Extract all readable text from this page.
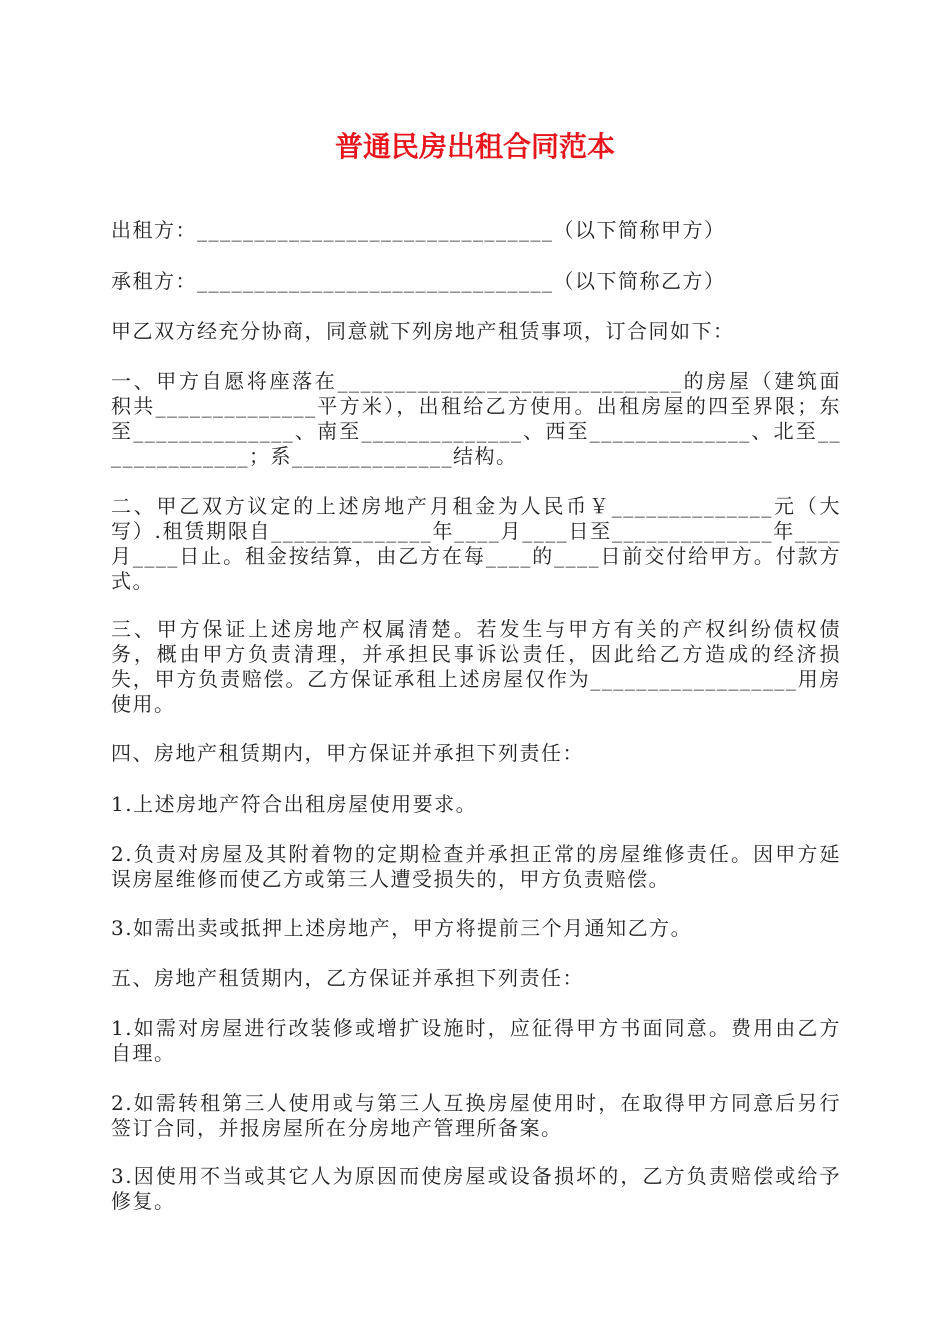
普通民房出租合同范本

出租方：_______________________________（以下简称甲方）

承租方：_______________________________（以下简称乙方）

甲乙双方经充分协商，同意就下列房地产租赁事项，订合同如下：

一、甲方自愿将座落在______________________________的房屋（建筑面积共______________平方米），出租给乙方使用。出租房屋的四至界限；东至______________、南至______________、西至______________、北至______________；系______________结构。

二、甲乙双方议定的上述房地产月租金为人民币￥______________元（大写）.租赁期限自______________年____月____日至______________年____月____日止。租金按结算，由乙方在每____的____日前交付给甲方。付款方式。

三、甲方保证上述房地产权属清楚。若发生与甲方有关的产权纠纷债权债务，概由甲方负责清理，并承担民事诉讼责任，因此给乙方造成的经济损失，甲方负责赔偿。乙方保证承租上述房屋仅作为__________________用房使用。

四、房地产租赁期内，甲方保证并承担下列责任：

1.上述房地产符合出租房屋使用要求。

2.负责对房屋及其附着物的定期检查并承担正常的房屋维修责任。因甲方延误房屋维修而使乙方或第三人遭受损失的，甲方负责赔偿。

3.如需出卖或抵押上述房地产，甲方将提前三个月通知乙方。

五、房地产租赁期内，乙方保证并承担下列责任：

1.如需对房屋进行改装修或增扩设施时，应征得甲方书面同意。费用由乙方自理。

2.如需转租第三人使用或与第三人互换房屋使用时，在取得甲方同意后另行签订合同，并报房屋所在分房地产管理所备案。

3.因使用不当或其它人为原因而使房屋或设备损坏的，乙方负责赔偿或给予修复。
